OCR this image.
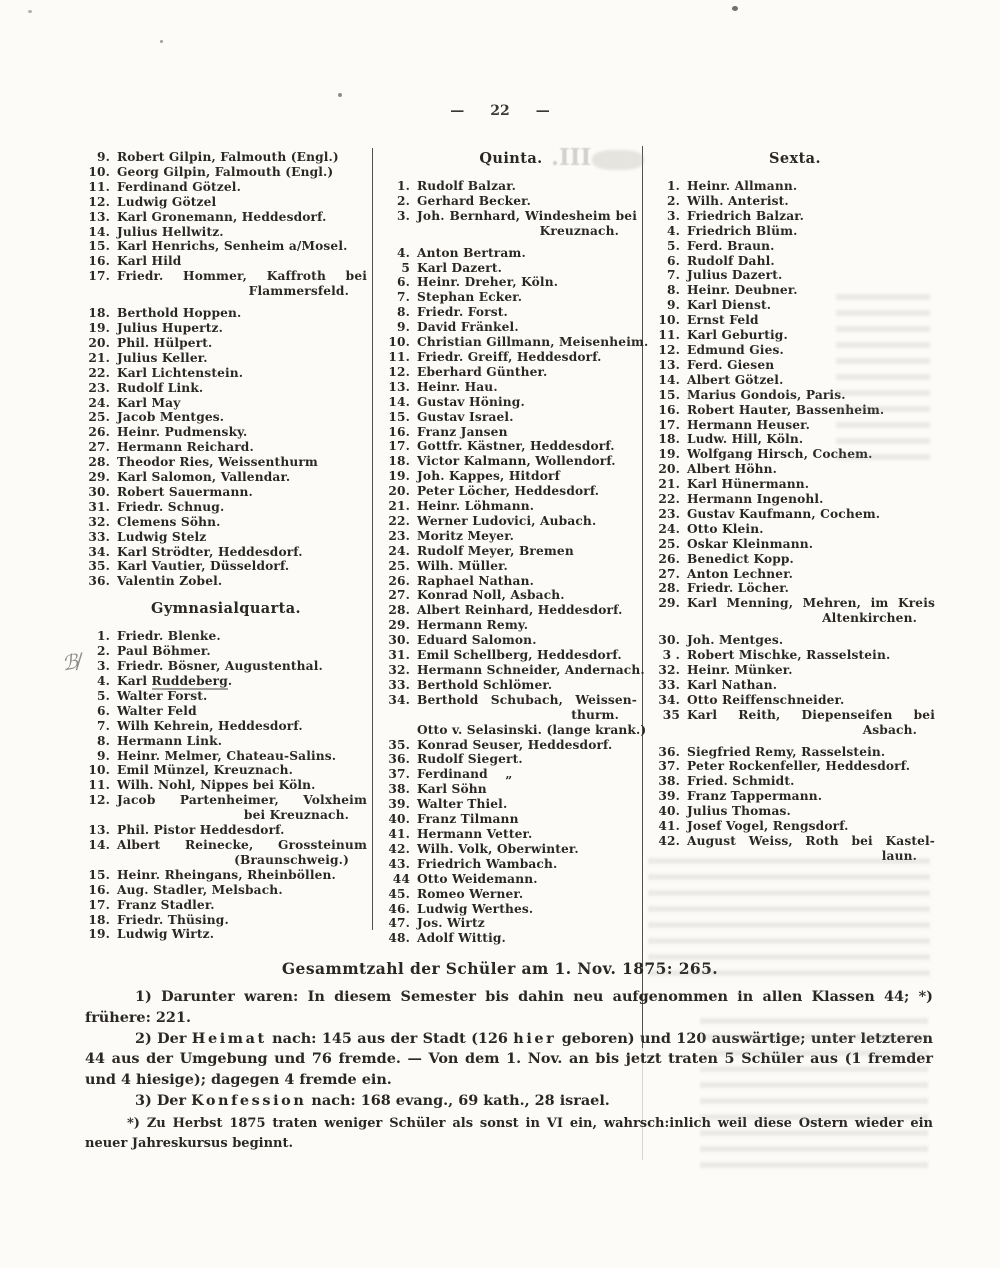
— 22 —
9. Robert Gilpin, Falmouth (Engl.)
10. Georg Gilpin, Falmouth (Engl.)
11. Ferdinand Götzel.
12. Ludwig Götzel
13. Karl Gronemann, Heddesdorf.
14. Julius Hellwitz.
15. Karl Henrichs, Senheim a/Mosel.
16. Karl Hild
17. Friedr. Hommer, Kaffroth bei
Flammersfeld.
18. Berthold Hoppen.
19. Julius Hupertz.
20. Phil. Hülpert.
21. Julius Keller.
22. Karl Lichtenstein.
23. Rudolf Link.
24. Karl May
25. Jacob Mentges.
26. Heinr. Pudmensky.
27. Hermann Reichard.
28. Theodor Ries, Weissenthurm
29. Karl Salomon, Vallendar.
30. Robert Sauermann.
31. Friedr. Schnug.
32. Clemens Söhn.
33. Ludwig Stelz
34. Karl Strödter, Heddesdorf.
35. Karl Vautier, Düsseldorf.
36. Valentin Zobel.
Gymnasialquarta.
1. Friedr. Blenke.
2. Paul Böhmer.
3. Friedr. Bösner, Augustenthal.
4. Karl Ruddeberg.
5. Walter Forst.
6. Walter Feld
7. Wilh Kehrein, Heddesdorf.
8. Hermann Link.
9. Heinr. Melmer, Chateau-Salins.
10. Emil Münzel, Kreuznach.
11. Wilh. Nohl, Nippes bei Köln.
12. Jacob Partenheimer, Volxheim
bei Kreuznach.
13. Phil. Pistor Heddesdorf.
14. Albert Reinecke, Grossteinum
(Braunschweig.)
15. Heinr. Rheingans, Rheinböllen.
16. Aug. Stadler, Melsbach.
17. Franz Stadler.
18. Friedr. Thüsing.
19. Ludwig Wirtz.
Quinta.
1. Rudolf Balzar.
2. Gerhard Becker.
3. Joh. Bernhard, Windesheim bei
Kreuznach.
4. Anton Bertram.
5 Karl Dazert.
6. Heinr. Dreher, Köln.
7. Stephan Ecker.
8. Friedr. Forst.
9. David Fränkel.
10. Christian Gillmann, Meisenheim.
11. Friedr. Greiff, Heddesdorf.
12. Eberhard Günther.
13. Heinr. Hau.
14. Gustav Höning.
15. Gustav Israel.
16. Franz Jansen
17. Gottfr. Kästner, Heddesdorf.
18. Victor Kalmann, Wollendorf.
19. Joh. Kappes, Hitdorf
20. Peter Löcher, Heddesdorf.
21. Heinr. Löhmann.
22. Werner Ludovici, Aubach.
23. Moritz Meyer.
24. Rudolf Meyer, Bremen
25. Wilh. Müller.
26. Raphael Nathan.
27. Konrad Noll, Asbach.
28. Albert Reinhard, Heddesdorf.
29. Hermann Remy.
30. Eduard Salomon.
31. Emil Schellberg, Heddesdorf.
32. Hermann Schneider, Andernach.
33. Berthold Schlömer.
34. Berthold Schubach, Weissen-
thurm.
Otto v. Selasinski. (lange krank.)
35. Konrad Seuser, Heddesdorf.
36. Rudolf Siegert.
37. Ferdinand    „
38. Karl Söhn
39. Walter Thiel.
40. Franz Tilmann
41. Hermann Vetter.
42. Wilh. Volk, Oberwinter.
43. Friedrich Wambach.
44 Otto Weidemann.
45. Romeo Werner.
46. Ludwig Werthes.
47. Jos. Wirtz
48. Adolf Wittig.
Sexta.
1. Heinr. Allmann.
2. Wilh. Anterist.
3. Friedrich Balzar.
4. Friedrich Blüm.
5. Ferd. Braun.
6. Rudolf Dahl.
7. Julius Dazert.
8. Heinr. Deubner.
9. Karl Dienst.
10. Ernst Feld
11. Karl Geburtig.
12. Edmund Gies.
13. Ferd. Giesen
14. Albert Götzel.
15. Marius Gondois, Paris.
16. Robert Hauter, Bassenheim.
17. Hermann Heuser.
18. Ludw. Hill, Köln.
19. Wolfgang Hirsch, Cochem.
20. Albert Höhn.
21. Karl Hünermann.
22. Hermann Ingenohl.
23. Gustav Kaufmann, Cochem.
24. Otto Klein.
25. Oskar Kleinmann.
26. Benedict Kopp.
27. Anton Lechner.
28. Friedr. Löcher.
29. Karl Menning, Mehren, im Kreis
Altenkirchen.
30. Joh. Mentges.
3 . Robert Mischke, Rasselstein.
32. Heinr. Münker.
33. Karl Nathan.
34. Otto Reiffenschneider.
35 Karl Reith, Diepenseifen bei
Asbach.
36. Siegfried Remy, Rasselstein.
37. Peter Rockenfeller, Heddesdorf.
38. Fried. Schmidt.
39. Franz Tappermann.
40. Julius Thomas.
41. Josef Vogel, Rengsdorf.
42. August Weiss, Roth bei Kastel-
laun.
Gesammtzahl der Schüler am 1. Nov. 1875: 265.
1) Darunter waren: In diesem Semester bis dahin neu aufgenommen in allen Klassen 44; *) frühere: 221.
2) Der Heimat nach: 145 aus der Stadt (126 hier geboren) und 120 auswärtige; unter letzteren 44 aus der Umgebung und 76 fremde. — Von dem 1. Nov. an bis jetzt traten 5 Schüler aus (1 fremder und 4 hiesige); dagegen 4 fremde ein.
3) Der Konfession nach: 168 evang., 69 kath., 28 israel.
*) Zu Herbst 1875 traten weniger Schüler als sonst in VI ein, wahrsch:inlich weil diese Ostern wieder ein neuer Jahreskursus beginnt.
III.
ℬ/
